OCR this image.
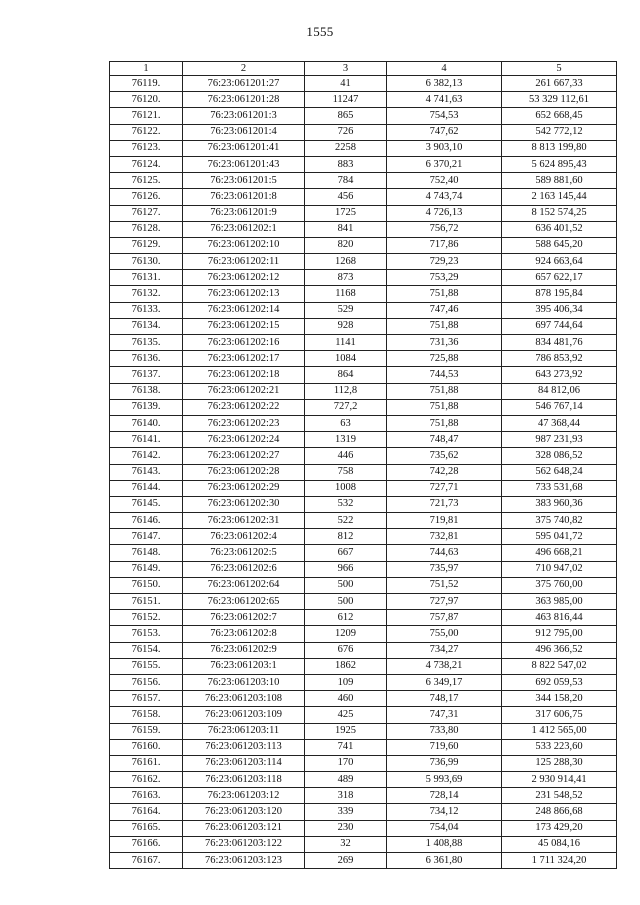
1555
1	2	3	4	5
76119.	76:23:061201:27	41	6 382,13	261 667,33
76120.	76:23:061201:28	11247	4 741,63	53 329 112,61
76121.	76:23:061201:3	865	754,53	652 668,45
76122.	76:23:061201:4	726	747,62	542 772,12
76123.	76:23:061201:41	2258	3 903,10	8 813 199,80
76124.	76:23:061201:43	883	6 370,21	5 624 895,43
76125.	76:23:061201:5	784	752,40	589 881,60
76126.	76:23:061201:8	456	4 743,74	2 163 145,44
76127.	76:23:061201:9	1725	4 726,13	8 152 574,25
76128.	76:23:061202:1	841	756,72	636 401,52
76129.	76:23:061202:10	820	717,86	588 645,20
76130.	76:23:061202:11	1268	729,23	924 663,64
76131.	76:23:061202:12	873	753,29	657 622,17
76132.	76:23:061202:13	1168	751,88	878 195,84
76133.	76:23:061202:14	529	747,46	395 406,34
76134.	76:23:061202:15	928	751,88	697 744,64
76135.	76:23:061202:16	1141	731,36	834 481,76
76136.	76:23:061202:17	1084	725,88	786 853,92
76137.	76:23:061202:18	864	744,53	643 273,92
76138.	76:23:061202:21	112,8	751,88	84 812,06
76139.	76:23:061202:22	727,2	751,88	546 767,14
76140.	76:23:061202:23	63	751,88	47 368,44
76141.	76:23:061202:24	1319	748,47	987 231,93
76142.	76:23:061202:27	446	735,62	328 086,52
76143.	76:23:061202:28	758	742,28	562 648,24
76144.	76:23:061202:29	1008	727,71	733 531,68
76145.	76:23:061202:30	532	721,73	383 960,36
76146.	76:23:061202:31	522	719,81	375 740,82
76147.	76:23:061202:4	812	732,81	595 041,72
76148.	76:23:061202:5	667	744,63	496 668,21
76149.	76:23:061202:6	966	735,97	710 947,02
76150.	76:23:061202:64	500	751,52	375 760,00
76151.	76:23:061202:65	500	727,97	363 985,00
76152.	76:23:061202:7	612	757,87	463 816,44
76153.	76:23:061202:8	1209	755,00	912 795,00
76154.	76:23:061202:9	676	734,27	496 366,52
76155.	76:23:061203:1	1862	4 738,21	8 822 547,02
76156.	76:23:061203:10	109	6 349,17	692 059,53
76157.	76:23:061203:108	460	748,17	344 158,20
76158.	76:23:061203:109	425	747,31	317 606,75
76159.	76:23:061203:11	1925	733,80	1 412 565,00
76160.	76:23:061203:113	741	719,60	533 223,60
76161.	76:23:061203:114	170	736,99	125 288,30
76162.	76:23:061203:118	489	5 993,69	2 930 914,41
76163.	76:23:061203:12	318	728,14	231 548,52
76164.	76:23:061203:120	339	734,12	248 866,68
76165.	76:23:061203:121	230	754,04	173 429,20
76166.	76:23:061203:122	32	1 408,88	45 084,16
76167.	76:23:061203:123	269	6 361,80	1 711 324,20
